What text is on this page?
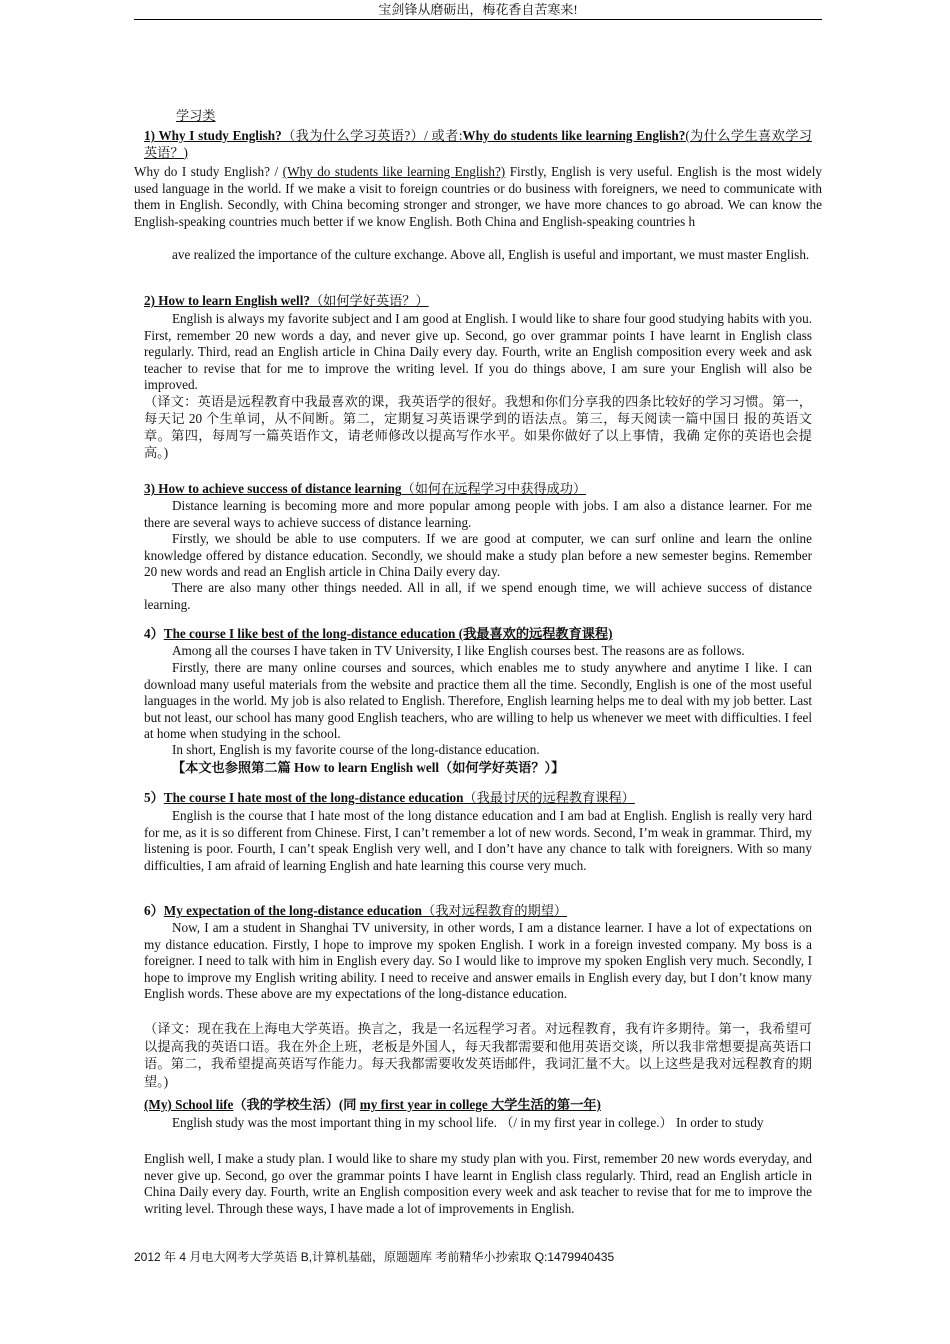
宝剑锋从磨砺出，梅花香自苦寒来!
学习类
1) Why I study English?（我为什么学习英语?）/ 或者:Why do students like learning English?(为什么学生喜欢学习英语？)
Why do I study English? / (Why do students like learning English?) Firstly, English is very useful. English is the most widely used language in the world. If we make a visit to foreign countries or do business with foreigners, we need to communicate with them in English. Secondly, with China becoming stronger and stronger, we have more chances to go abroad. We can know the English-speaking countries much better if we know English. Both China and English-speaking countries h

ave realized the importance of the culture exchange. Above all, English is useful and important, we must master English.

2) How to learn English well?（如何学好英语？）

English is always my favorite subject and I am good at English. I would like to share four good studying habits with you. First, remember 20 new words a day, and never give up. Second, go over grammar points I have learnt in English class regularly. Third, read an English article in China Daily every day. Fourth, write an English composition every week and ask teacher to revise that for me to improve the writing level. If you do things above, I am sure your English will also be improved.

（译文：英语是远程教育中我最喜欢的课，我英语学的很好。我想和你们分享我的四条比较好的学习习惯。第一，每天记 20 个生单词，从不间断。第二，定期复习英语课学到的语法点。第三，每天阅读一篇中国日 报的英语文章。第四，每周写一篇英语作文，请老师修改以提高写作水平。如果你做好了以上事情，我确 定你的英语也会提高。)

3) How to achieve success of distance learning（如何在远程学习中获得成功）

Distance learning is becoming more and more popular among people with jobs. I am also a distance learner. For me there are several ways to achieve success of distance learning.

Firstly, we should be able to use computers. If we are good at computer, we can surf online and learn the online knowledge offered by distance education. Secondly, we should make a study plan before a new semester begins. Remember 20 new words and read an English article in China Daily every day.

There are also many other things needed. All in all, if we spend enough time, we will achieve success of distance learning.

4）The course I like best of the long-distance education (我最喜欢的远程教育课程)

Among all the courses I have taken in TV University, I like English courses best. The reasons are as follows.

Firstly, there are many online courses and sources, which enables me to study anywhere and anytime I like. I can download many useful materials from the website and practice them all the time. Secondly, English is one of the most useful languages in the world. My job is also related to English. Therefore, English learning helps me to deal with my job better. Last but not least, our school has many good English teachers, who are willing to help us whenever we meet with difficulties. I feel at home when studying in the school.

In short, English is my favorite course of the long-distance education.

【本文也参照第二篇 How to learn English well（如何学好英语？）】

5）The course I hate most of the long-distance education（我最讨厌的远程教育课程）

English is the course that I hate most of the long distance education and I am bad at English. English is really very hard for me, as it is so different from Chinese. First, I can’t remember a lot of new words. Second, I’m weak in grammar. Third, my listening is poor. Fourth, I can’t speak English very well, and I don’t have any chance to talk with foreigners. With so many difficulties, I am afraid of learning English and hate learning this course very much.

6）My expectation of the long-distance education（我对远程教育的期望）

Now, I am a student in Shanghai TV university, in other words, I am a distance learner. I have a lot of expectations on my distance education. Firstly, I hope to improve my spoken English. I work in a foreign invested company. My boss is a foreigner. I need to talk with him in English every day. So I would like to improve my spoken English very much. Secondly, I hope to improve my English writing ability. I need to receive and answer emails in English every day, but I don’t know many English words. These above are my expectations of the long-distance education.

（译文：现在我在上海电大学英语。换言之，我是一名远程学习者。对远程教育，我有许多期待。第一，我希望可以提高我的英语口语。我在外企上班，老板是外国人，每天我都需要和他用英语交谈，所以我非常想要提高英语口语。第二，我希望提高英语写作能力。每天我都需要收发英语邮件，我词汇量不大。以上这些是我对远程教育的期望。)

(My) School life（我的学校生活）(同 my first year in college 大学生活的第一年)

English study was the most important thing in my school life. （/ in my first year in college.） In order to study

English well, I make a study plan. I would like to share my study plan with you. First, remember 20 new words everyday, and never give up. Second, go over the grammar points I have learnt in English class regularly. Third, read an English article in China Daily every day. Fourth, write an English composition every week and ask teacher to revise that for me to improve the writing level. Through these ways, I have made a lot of improvements in English.

2012 年 4 月电大网考大学英语 B,计算机基础，原题题库 考前精华小抄索取 Q:1479940435
